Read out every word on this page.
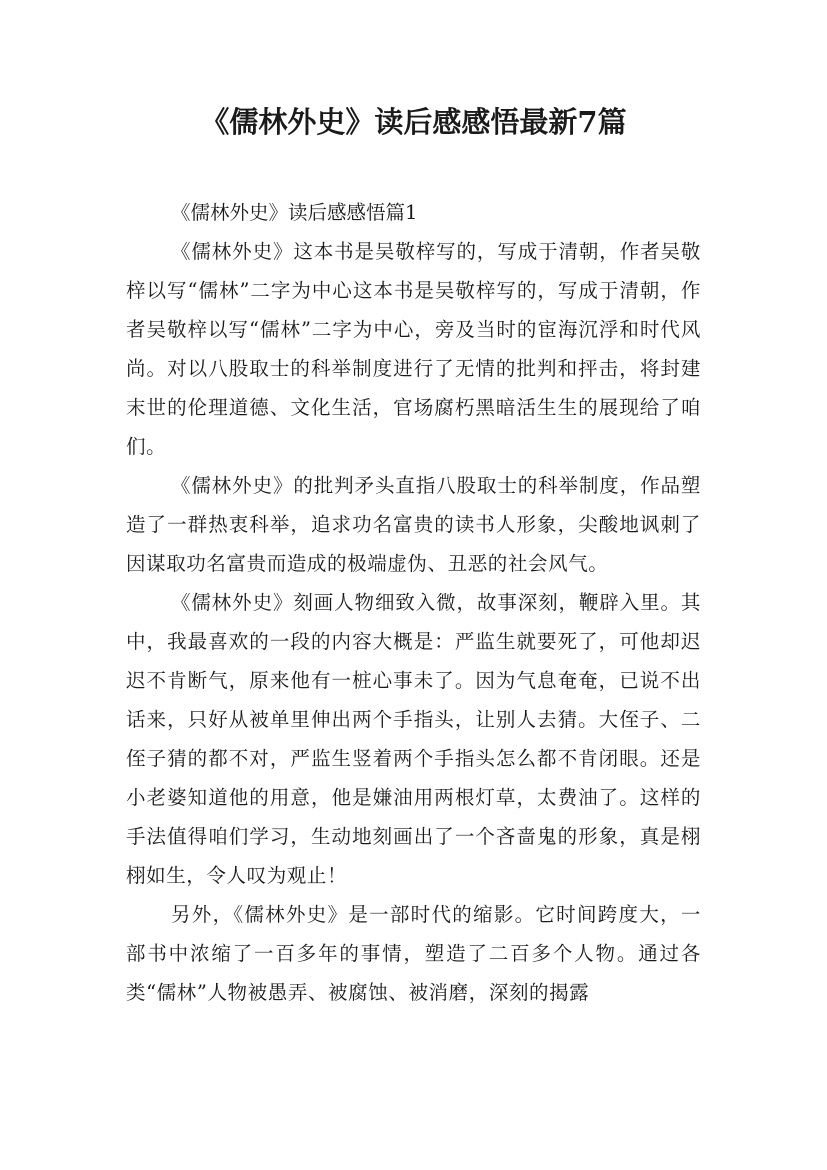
《儒林外史》读后感感悟最新7篇

《儒林外史》读后感感悟篇1

《儒林外史》这本书是吴敬梓写的，写成于清朝，作者吴敬梓以写“儒林”二字为中心这本书是吴敬梓写的，写成于清朝，作者吴敬梓以写“儒林”二字为中心，旁及当时的宦海沉浮和时代风尚。对以八股取士的科举制度进行了无情的批判和抨击，将封建末世的伦理道德、文化生活，官场腐朽黑暗活生生的展现给了咱们。

《儒林外史》的批判矛头直指八股取士的科举制度，作品塑造了一群热衷科举，追求功名富贵的读书人形象，尖酸地讽刺了因谋取功名富贵而造成的极端虚伪、丑恶的社会风气。

《儒林外史》刻画人物细致入微，故事深刻，鞭辟入里。其中，我最喜欢的一段的内容大概是：严监生就要死了，可他却迟迟不肯断气，原来他有一桩心事未了。因为气息奄奄，已说不出话来，只好从被单里伸出两个手指头，让别人去猜。大侄子、二侄子猜的都不对，严监生竖着两个手指头怎么都不肯闭眼。还是小老婆知道他的用意，他是嫌油用两根灯草，太费油了。这样的手法值得咱们学习，生动地刻画出了一个吝啬鬼的形象，真是栩栩如生，令人叹为观止！

另外，《儒林外史》是一部时代的缩影。它时间跨度大，一部书中浓缩了一百多年的事情，塑造了二百多个人物。通过各类“儒林”人物被愚弄、被腐蚀、被消磨，深刻的揭露
